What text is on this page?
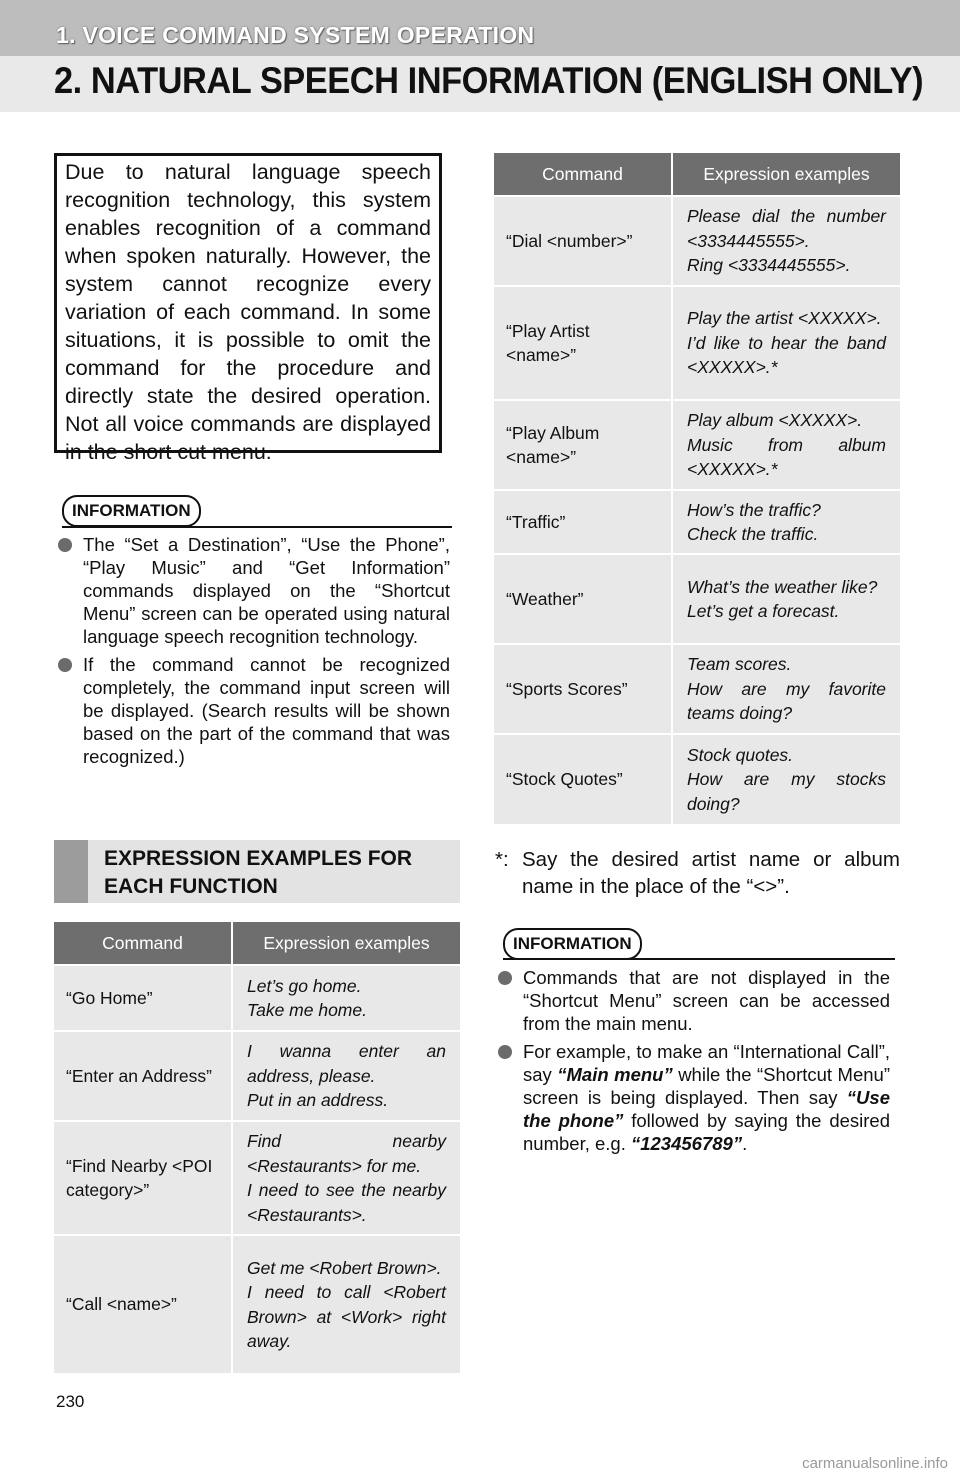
1. VOICE COMMAND SYSTEM OPERATION
2. NATURAL SPEECH INFORMATION (ENGLISH ONLY)

Due to natural language speech recognition technology, this system enables recognition of a command when spoken naturally. However, the system cannot recognize every variation of each command. In some situations, it is possible to omit the command for the procedure and directly state the desired operation. Not all voice commands are displayed in the short cut menu.

INFORMATION
The “Set a Destination”, “Use the Phone”, “Play Music” and “Get Information” commands displayed on the “Shortcut Menu” screen can be operated using natural language speech recognition technology.
If the command cannot be recognized completely, the command input screen will be displayed. (Search results will be shown based on the part of the command that was recognized.)
EXPRESSION EXAMPLES FOR
EACH FUNCTION
Command	Expression examples
“Go Home”	Let’s go home.
Take me home.
“Enter an Address”	I wanna enter an address, please.
Put in an address.
“Find Nearby <POI category>”	Find nearby <Restaurants> for me.
I need to see the nearby <Restaurants>.
“Call <name>”	Get me <Robert Brown>.
I need to call <Robert Brown> at <Work> right away.
Command	Expression examples
“Dial <number>”	Please dial the number <3334445555>.
Ring <3334445555>.
“Play Artist <name>”	Play the artist <XXXXX>.
I’d like to hear the band <XXXXX>.*
“Play Album <name>”	Play album <XXXXX>.
Music from album <XXXXX>.*
“Traffic”	How’s the traffic?
Check the traffic.
“Weather”	What’s the weather like?
Let’s get a forecast.
“Sports Scores”	Team scores.
How are my favorite teams doing?
“Stock Quotes”	Stock quotes.
How are my stocks doing?
*: Say the desired artist name or album name in the place of the “<>”.
INFORMATION
Commands that are not displayed in the “Shortcut Menu” screen can be accessed from the main menu.
For example, to make an “International Call”, say “Main menu” while the “Shortcut Menu” screen is being displayed. Then say “Use the phone” followed by saying the desired number, e.g. “123456789”.
230
carmanualsonline.info
